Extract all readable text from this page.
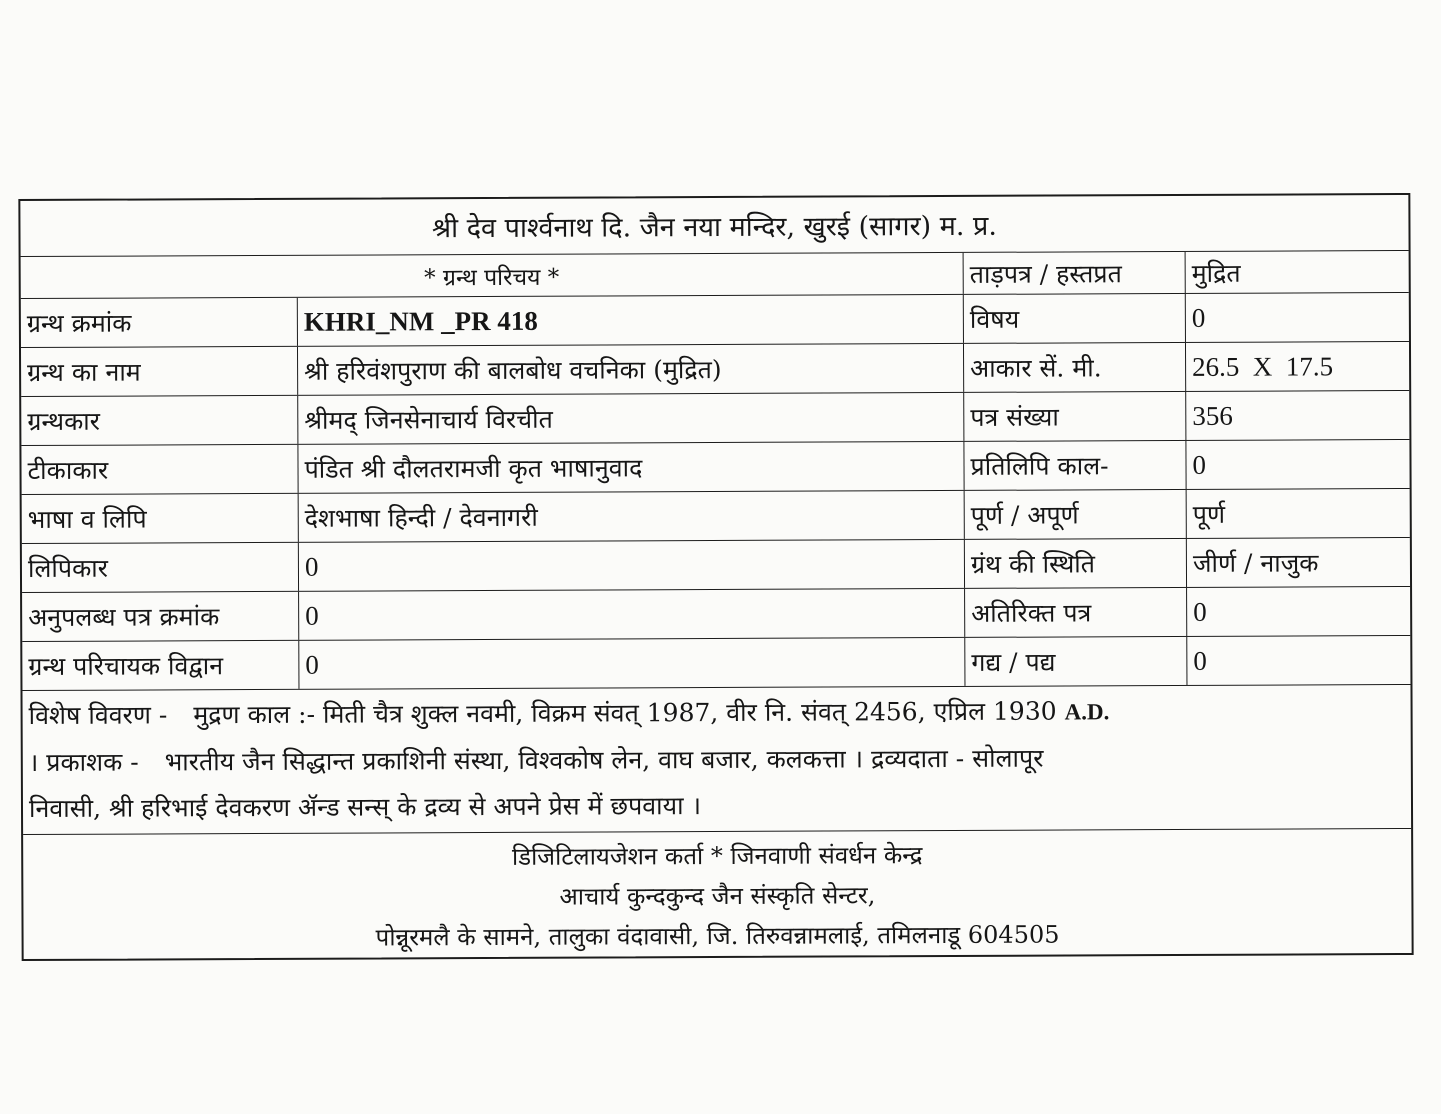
श्री देव पार्श्वनाथ दि. जैन नया मन्दिर, खुरई (सागर) म. प्र.
* ग्रन्थ परिचय *	ताड़पत्र / हस्तप्रत	मुद्रित
ग्रन्थ क्रमांक	KHRI_NM _PR 418	विषय	0
ग्रन्थ का नाम	श्री हरिवंशपुराण की बालबोध वचनिका (मुद्रित)	आकार सें. मी.	26.5  X  17.5
ग्रन्थकार	श्रीमद् जिनसेनाचार्य विरचीत	पत्र संख्या	356
टीकाकार	पंडित श्री दौलतरामजी कृत भाषानुवाद	प्रतिलिपि काल-	0
भाषा व लिपि	देशभाषा हिन्दी / देवनागरी	पूर्ण / अपूर्ण	पूर्ण
लिपिकार	0	ग्रंथ की स्थिति	जीर्ण / नाजुक
अनुपलब्ध पत्र क्रमांक	0	अतिरिक्त पत्र	0
ग्रन्थ परिचायक विद्वान	0	गद्य / पद्य	0
विशेष विवरण - मुद्रण काल :- मिती चैत्र शुक्ल नवमी, विक्रम संवत् 1987, वीर नि. संवत् 2456, एप्रिल 1930 A.D.
। प्रकाशक - भारतीय जैन सिद्धान्त प्रकाशिनी संस्था, विश्वकोष लेन, वाघ बजार, कलकत्ता । द्रव्यदाता - सोलापूर
निवासी, श्री हरिभाई देवकरण ॲन्ड सन्स् के द्रव्य से अपने प्रेस में छपवाया ।
डिजिटिलायजेशन कर्ता * जिनवाणी संवर्धन केन्द्र
आचार्य कुन्दकुन्द जैन संस्कृति सेन्टर,
पोन्नूरमलै के सामने, तालुका वंदावासी, जि. तिरुवन्नामलाई, तमिलनाडू 604505
